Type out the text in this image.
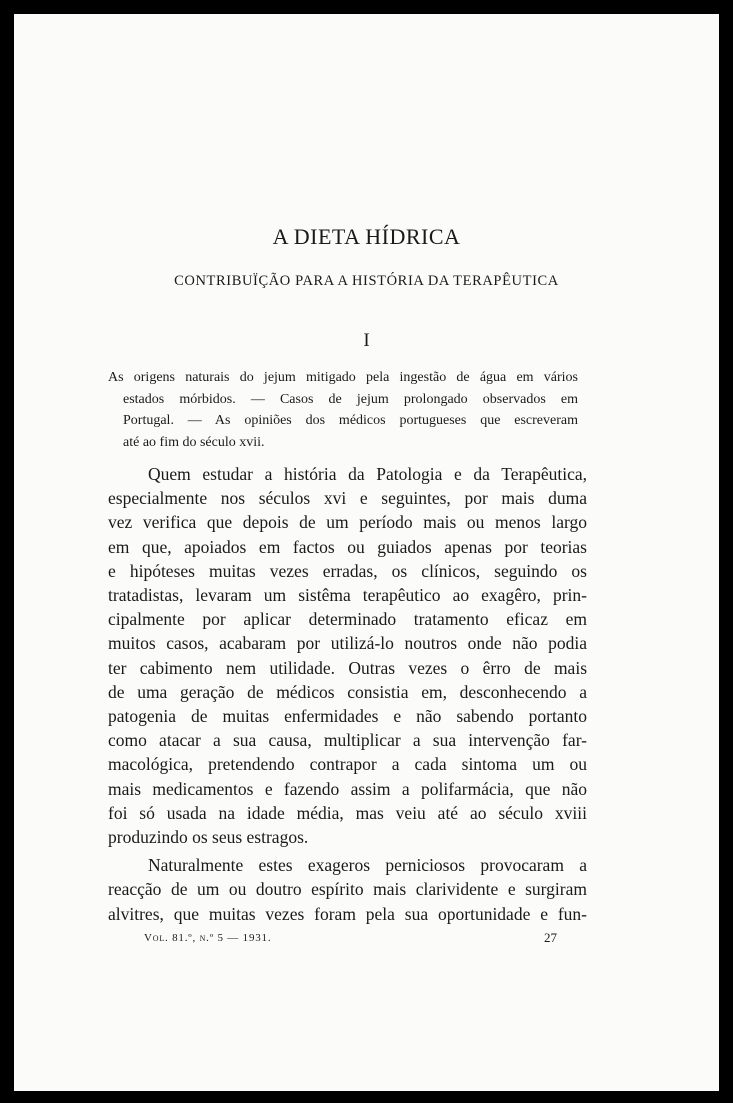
A DIETA HÍDRICA
CONTRIBUÏÇÃO PARA A HISTÓRIA DA TERAPÊUTICA
I
As origens naturais do jejum mitigado pela ingestão de água em vários
estados mórbidos. — Casos de jejum prolongado observados em
Portugal. — As opiniões dos médicos portugueses que escreveram
até ao fim do século xvii.
Quem estudar a história da Patologia e da Terapêutica,
especialmente nos séculos xvi e seguintes, por mais duma
vez verifica que depois de um período mais ou menos largo
em que, apoiados em factos ou guiados apenas por teorias
e hipóteses muitas vezes erradas, os clínicos, seguindo os
tratadistas, levaram um sistêma terapêutico ao exagêro, prin-
cipalmente por aplicar determinado tratamento eficaz em
muitos casos, acabaram por utilizá-lo noutros onde não podia
ter cabimento nem utilidade. Outras vezes o êrro de mais
de uma geração de médicos consistia em, desconhecendo a
patogenia de muitas enfermidades e não sabendo portanto
como atacar a sua causa, multiplicar a sua intervenção far-
macológica, pretendendo contrapor a cada sintoma um ou
mais medicamentos e fazendo assim a polifarmácia, que não
foi só usada na idade média, mas veiu até ao século xviii
produzindo os seus estragos.
Naturalmente estes exageros perniciosos provocaram a
reacção de um ou doutro espírito mais clarividente e surgiram
alvitres, que muitas vezes foram pela sua oportunidade e fun-
Vol. 81.º, n.º 5 — 1931.	27
